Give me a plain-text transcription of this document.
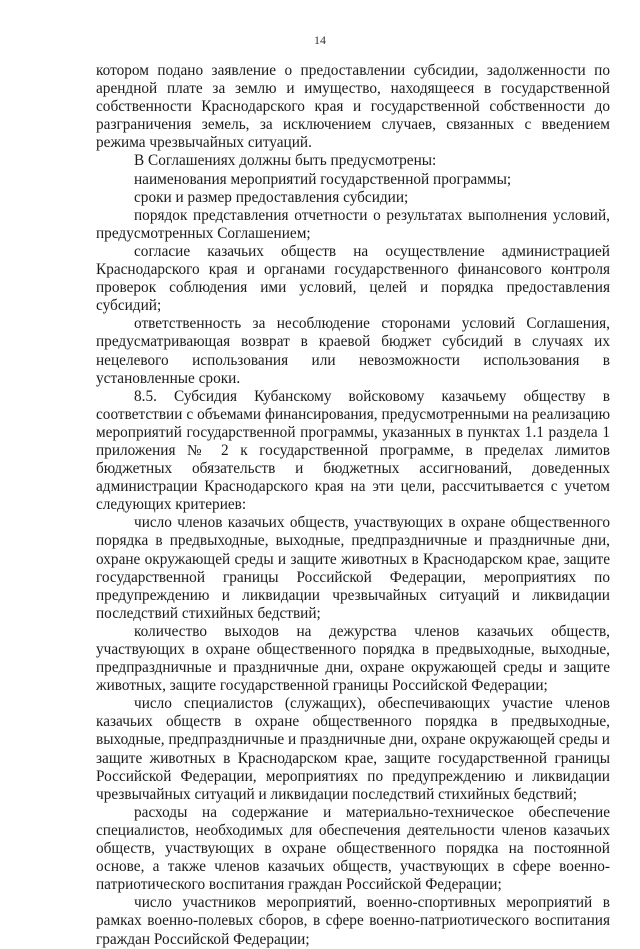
14

котором подано заявление о предоставлении субсидии, задолженности по арендной плате за землю и имущество, находящееся в государственной собственности Краснодарского края и государственной собственности до разграничения земель, за исключением случаев, связанных с введением режима чрезвычайных ситуаций.

В Соглашениях должны быть предусмотрены:

наименования мероприятий государственной программы;

сроки и размер предоставления субсидии;

порядок представления отчетности о результатах выполнения условий, предусмотренных Соглашением;

согласие казачьих обществ на осуществление администрацией Краснодарского края и органами государственного финансового контроля проверок соблюдения ими условий, целей и порядка предоставления субсидий;

ответственность за несоблюдение сторонами условий Соглашения, предусматривающая возврат в краевой бюджет субсидий в случаях их нецелевого использования или невозможности использования в установленные сроки.

8.5. Субсидия Кубанскому войсковому казачьему обществу в соответствии с объемами финансирования, предусмотренными на реализацию мероприятий государственной программы, указанных в пунктах 1.1 раздела 1 приложения № 2 к государственной программе, в пределах лимитов бюджетных обязательств и бюджетных ассигнований, доведенных администрации Краснодарского края на эти цели, рассчитывается с учетом следующих критериев:

число членов казачьих обществ, участвующих в охране общественного порядка в предвыходные, выходные, предпраздничные и праздничные дни, охране окружающей среды и защите животных в Краснодарском крае, защите государственной границы Российской Федерации, мероприятиях по предупреждению и ликвидации чрезвычайных ситуаций и ликвидации последствий стихийных бедствий;

количество выходов на дежурства членов казачьих обществ, участвующих в охране общественного порядка в предвыходные, выходные, предпраздничные и праздничные дни, охране окружающей среды и защите животных, защите государственной границы Российской Федерации;

число специалистов (служащих), обеспечивающих участие членов казачьих обществ в охране общественного порядка в предвыходные, выходные, предпраздничные и праздничные дни, охране окружающей среды и защите животных в Краснодарском крае, защите государственной границы Российской Федерации, мероприятиях по предупреждению и ликвидации чрезвычайных ситуаций и ликвидации последствий стихийных бедствий;

расходы на содержание и материально-техническое обеспечение специалистов, необходимых для обеспечения деятельности членов казачьих обществ, участвующих в охране общественного порядка на постоянной основе, а также членов казачьих обществ, участвующих в сфере военно-патриотического воспитания граждан Российской Федерации;

число участников мероприятий, военно-спортивных мероприятий в рамках военно-полевых сборов, в сфере военно-патриотического воспитания граждан Российской Федерации;
